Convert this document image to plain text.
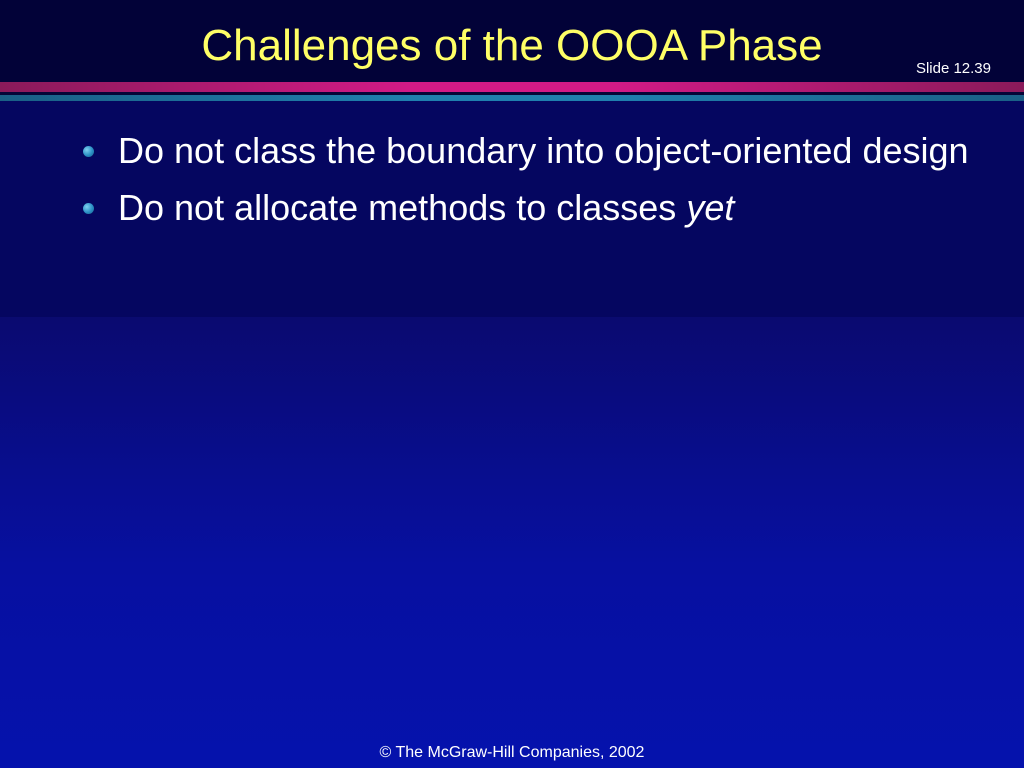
Challenges of the OOOA Phase	Slide 12.39
Do not class the boundary into object-oriented design
Do not allocate methods to classes yet
© The McGraw-Hill Companies, 2002
